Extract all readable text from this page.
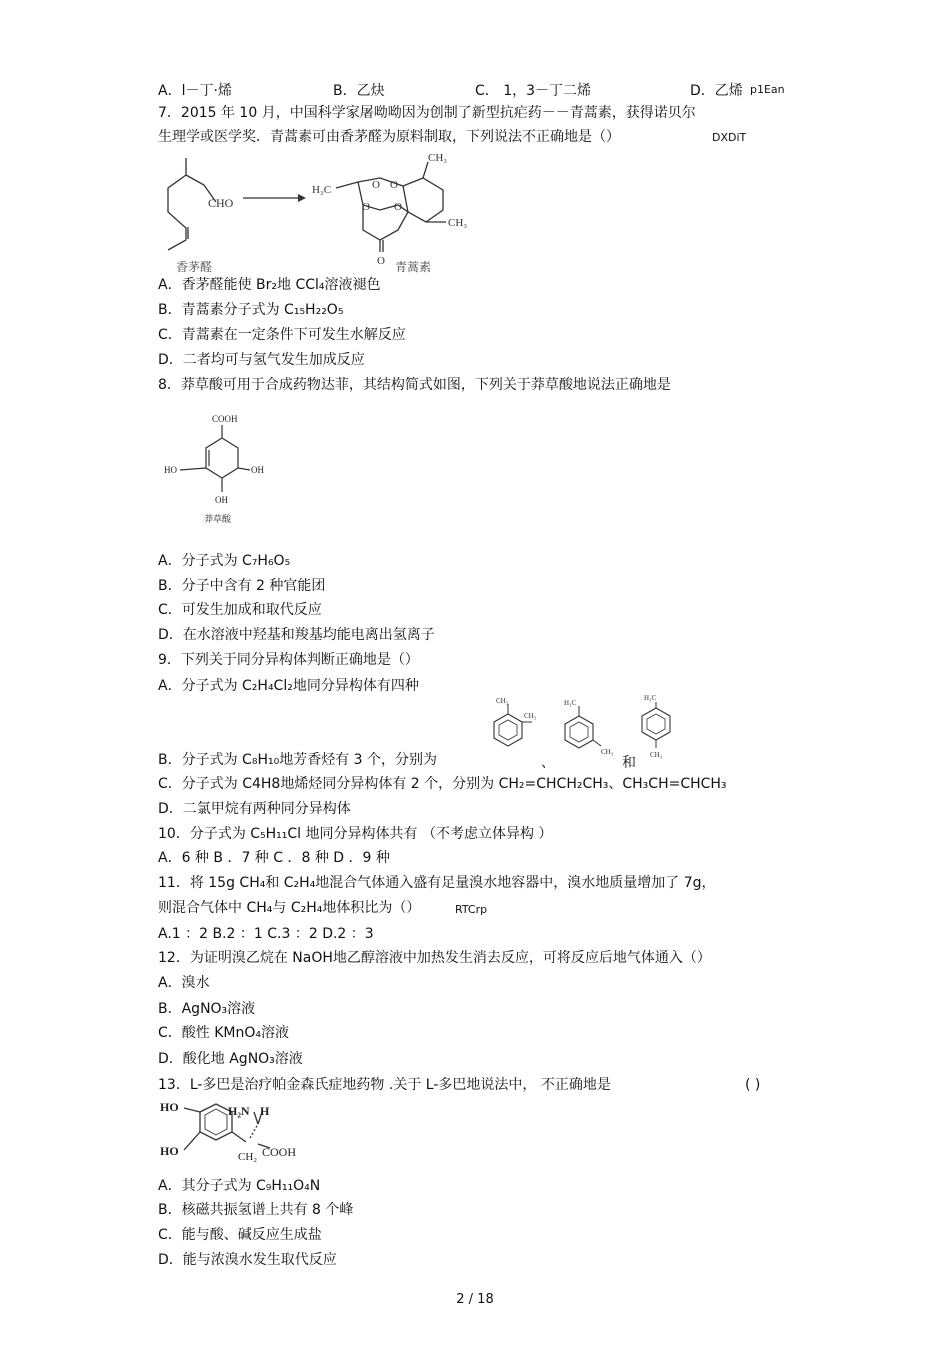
A．l－丁·烯	B．乙炔	C． 1，3－丁二烯	D．乙烯 p1Ean
7．2015 年 10 月，中国科学家屠呦呦因为创制了新型抗疟药－－青蒿素，获得诺贝尔
生理学或医学奖．青蒿素可由香茅醛为原料制取，下列说法不正确地是（）	DXDiT
CHO
CH₃
H₃C
CH₃
O O
O O
O
香茅醛	青蒿素
A．香茅醛能使 Br₂地 CCl₄溶液褪色
B．青蒿素分子式为 C₁₅H₂₂O₅
C．青蒿素在一定条件下可发生水解反应
D．二者均可与氢气发生加成反应
8．莽草酸可用于合成药物达菲，其结构简式如图，下列关于莽草酸地说法正确地是
COOH
HO	OH
OH
莽草酸
A．分子式为 C₇H₆O₅
B．分子中含有 2 种官能团
C．可发生加成和取代反应
D．在水溶液中羟基和羧基均能电离出氢离子
9．下列关于同分异构体判断正确地是（）
A．分子式为 C₂H₄Cl₂地同分异构体有四种
CH₃
CH₃
H₃C
CH₃
H₃C
CH₃
B．分子式为 C₈H₁₀地芳香烃有 3 个，分别为	、	和
C．分子式为 C4H8地烯烃同分异构体有 2 个，分别为 CH₂=CHCH₂CH₃、CH₃CH=CHCH₃
D．二氯甲烷有两种同分异构体
10．分子式为 C₅H₁₁Cl 地同分异构体共有 （不考虑立体异构 ）
A．6 种 B ．7 种 C ．8 种 D ．9 种
11．将 15g CH₄和 C₂H₄地混合气体通入盛有足量溴水地容器中，溴水地质量增加了 7g，
则混合气体中 CH₄与 C₂H₄地体积比为（）	RTCrp
A.1 ：2 B.2 ：1 C.3 ：2 D.2 ：3
12．为证明溴乙烷在 NaOH地乙醇溶液中加热发生消去反应，可将反应后地气体通入（）
A．溴水
B．AgNO₃溶液
C．酸性 KMnO₄溶液
D．酸化地 AgNO₃溶液
13．L-多巴是治疗帕金森氏症地药物 .关于 L-多巴地说法中， 不正确地是	( )
HO
HO
H₂N H
CH₂ COOH
A．其分子式为 C₉H₁₁O₄N
B．核磁共振氢谱上共有 8 个峰
C．能与酸、碱反应生成盐
D．能与浓溴水发生取代反应
2 / 18
